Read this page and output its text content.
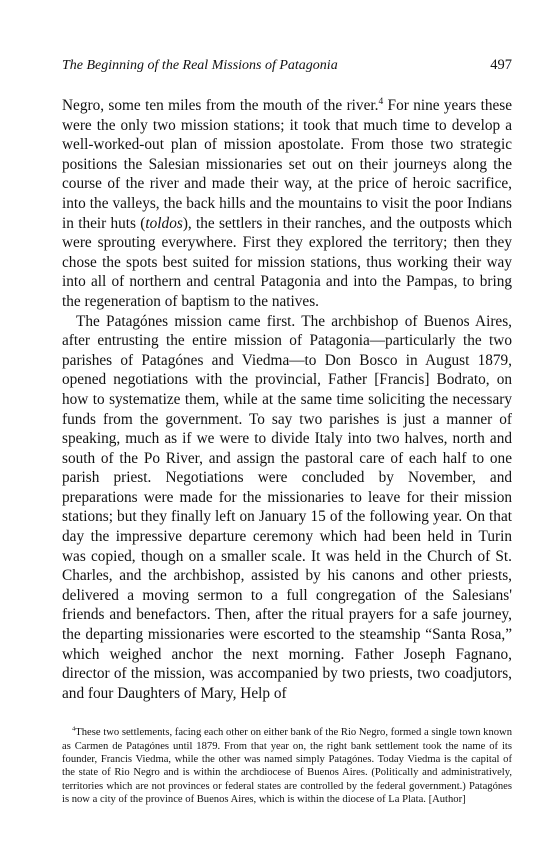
The Beginning of the Real Missions of Patagonia	497

Negro, some ten miles from the mouth of the river.$^4$ For nine years these were the only two mission stations; it took that much time to develop a well-worked-out plan of mission apostolate. From those two strategic positions the Salesian missionaries set out on their journeys along the course of the river and made their way, at the price of heroic sacrifice, into the valleys, the back hills and the mountains to visit the poor Indians in their huts (toldos), the settlers in their ranches, and the outposts which were sprouting everywhere. First they explored the territory; then they chose the spots best suited for mission stations, thus working their way into all of northern and central Patagonia and into the Pampas, to bring the regeneration of baptism to the natives.

The Patagónes mission came first. The archbishop of Buenos Aires, after entrusting the entire mission of Patagonia—particularly the two parishes of Patagónes and Viedma—to Don Bosco in August 1879, opened negotiations with the provincial, Father [Francis] Bodrato, on how to systematize them, while at the same time soliciting the necessary funds from the government. To say two parishes is just a manner of speaking, much as if we were to divide Italy into two halves, north and south of the Po River, and assign the pastoral care of each half to one parish priest. Negotiations were concluded by November, and preparations were made for the missionaries to leave for their mission stations; but they finally left on January 15 of the following year. On that day the impressive departure ceremony which had been held in Turin was copied, though on a smaller scale. It was held in the Church of St. Charles, and the archbishop, assisted by his canons and other priests, delivered a moving sermon to a full congregation of the Salesians' friends and benefactors. Then, after the ritual prayers for a safe journey, the departing missionaries were escorted to the steamship “Santa Rosa,” which weighed anchor the next morning. Father Joseph Fagnano, director of the mission, was accompanied by two priests, two coadjutors, and four Daughters of Mary, Help of

$^4$These two settlements, facing each other on either bank of the Rio Negro, formed a single town known as Carmen de Patagónes until 1879. From that year on, the right bank settlement took the name of its founder, Francis Viedma, while the other was named simply Patagónes. Today Viedma is the capital of the state of Rio Negro and is within the archdiocese of Buenos Aires. (Politically and administratively, territories which are not provinces or federal states are controlled by the federal government.) Patagónes is now a city of the province of Buenos Aires, which is within the diocese of La Plata. [Author]
